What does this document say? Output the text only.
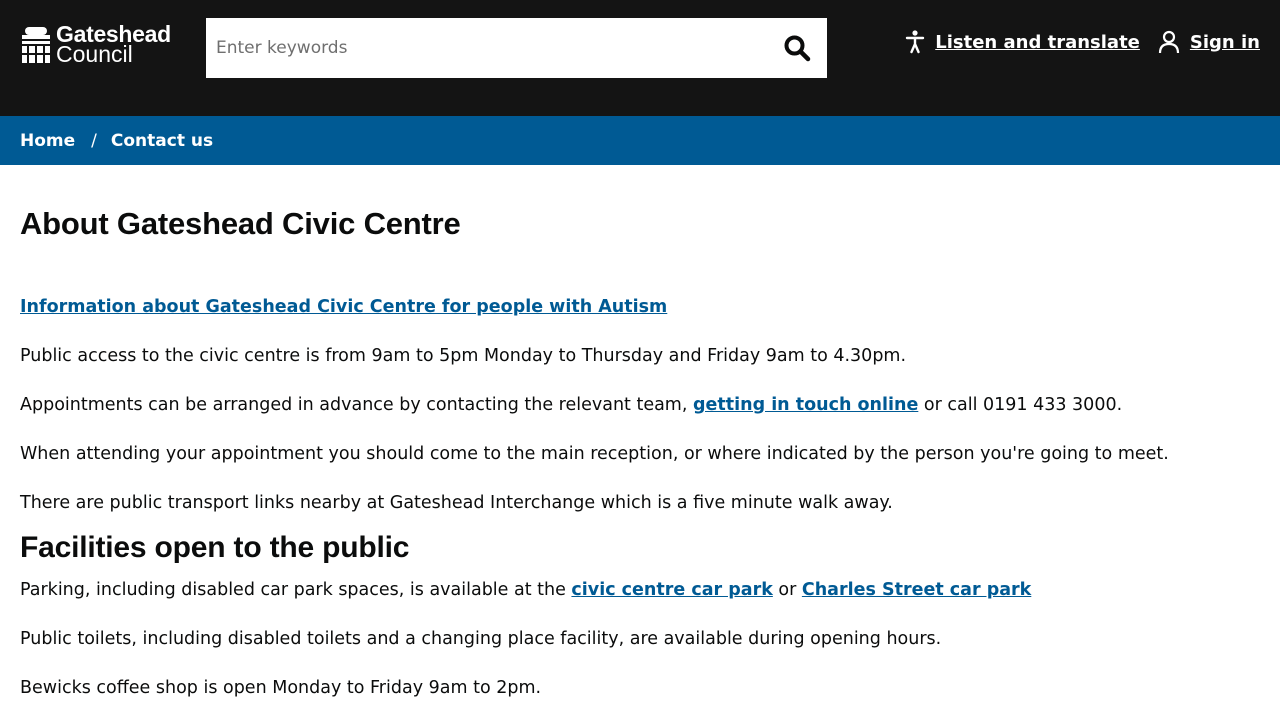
Gateshead
Council
Enter keywords	Listen and translate	Sign in
Home / Contact us
About Gateshead Civic Centre

Information about Gateshead Civic Centre for people with Autism

Public access to the civic centre is from 9am to 5pm Monday to Thursday and Friday 9am to 4.30pm.

Appointments can be arranged in advance by contacting the relevant team, getting in touch online or call 0191 433 3000.

When attending your appointment you should come to the main reception, or where indicated by the person you're going to meet.

There are public transport links nearby at Gateshead Interchange which is a five minute walk away.

Facilities open to the public

Parking, including disabled car park spaces, is available at the civic centre car park or Charles Street car park

Public toilets, including disabled toilets and a changing place facility, are available during opening hours.

Bewicks coffee shop is open Monday to Friday 9am to 2pm.
